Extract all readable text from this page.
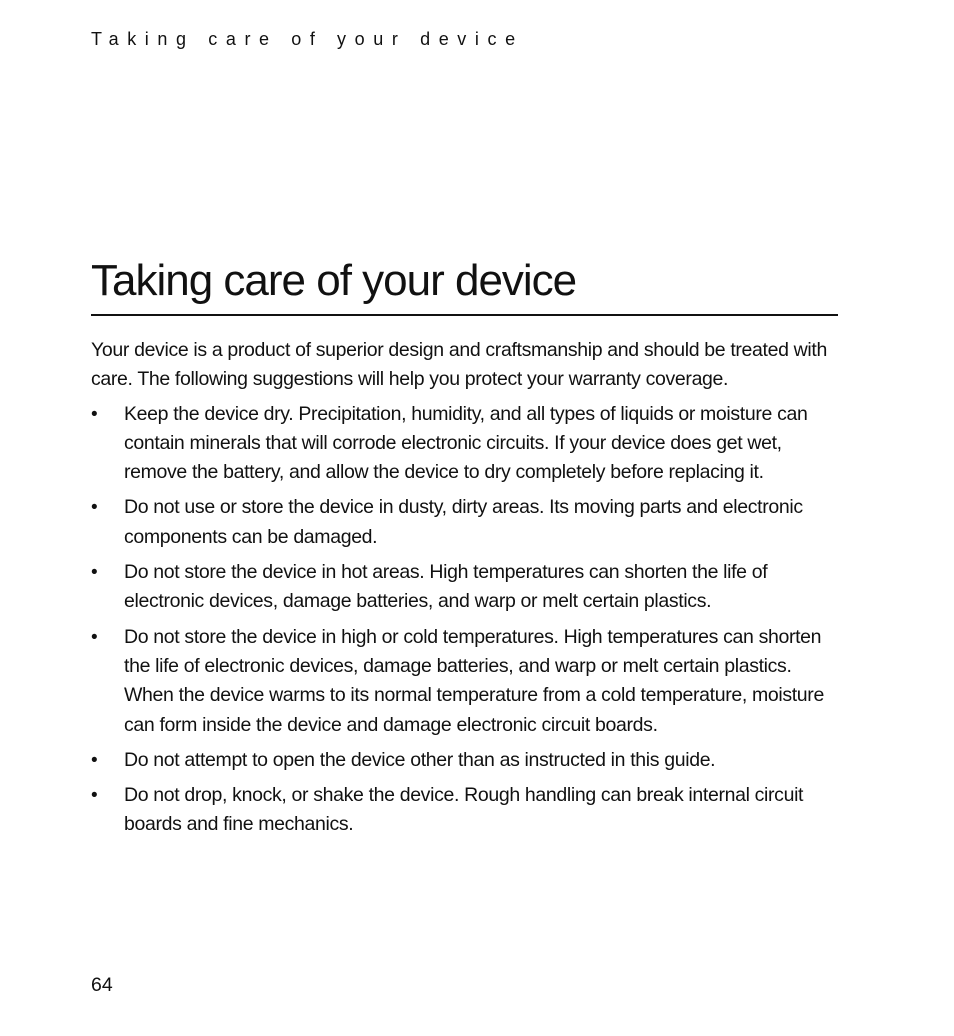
Taking care of your device
Taking care of your device

Your device is a product of superior design and craftsmanship and should be treated with care. The following suggestions will help you protect your warranty coverage.

• Keep the device dry. Precipitation, humidity, and all types of liquids or moisture can contain minerals that will corrode electronic circuits. If your device does get wet, remove the battery, and allow the device to dry completely before replacing it.
• Do not use or store the device in dusty, dirty areas. Its moving parts and electronic components can be damaged.
• Do not store the device in hot areas. High temperatures can shorten the life of electronic devices, damage batteries, and warp or melt certain plastics.
• Do not store the device in high or cold temperatures. High temperatures can shorten the life of electronic devices, damage batteries, and warp or melt certain plastics. When the device warms to its normal temperature from a cold temperature, moisture can form inside the device and damage electronic circuit boards.
• Do not attempt to open the device other than as instructed in this guide.
• Do not drop, knock, or shake the device. Rough handling can break internal circuit boards and fine mechanics.
64
